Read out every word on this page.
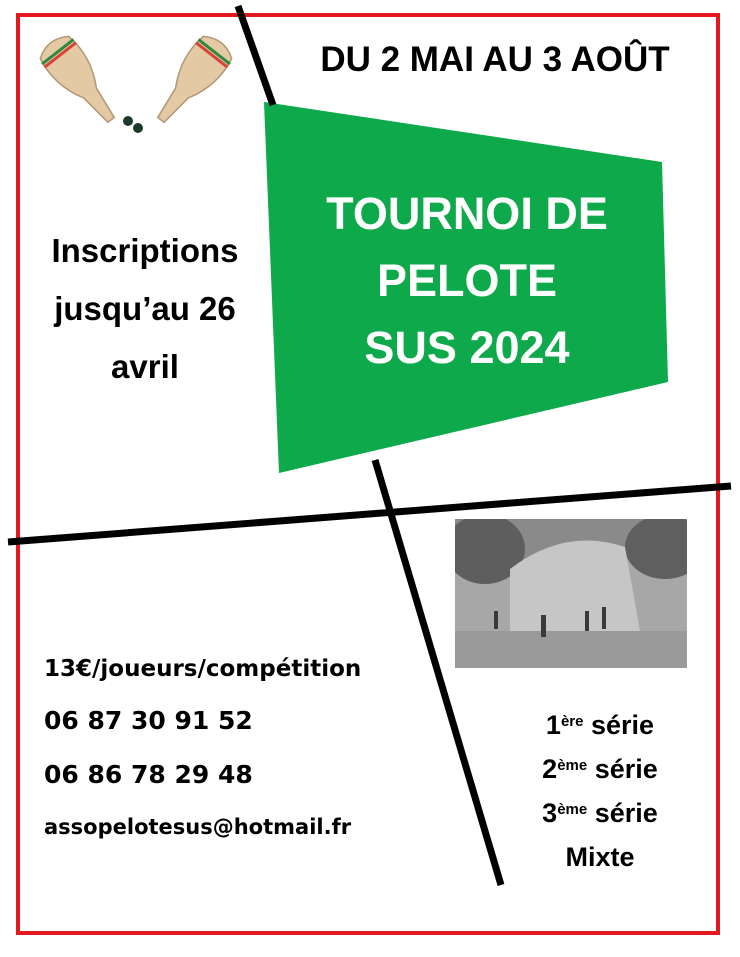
DU 2 MAI AU 3 AOÛT
TOURNOI DE
PELOTE
SUS 2024
Inscriptions
jusqu’au 26
avril
13€/joueurs/compétition
06 87 30 91 52
06 86 78 29 48
assopelotesus@hotmail.fr
1ère série
2ème série
3ème série
Mixte
